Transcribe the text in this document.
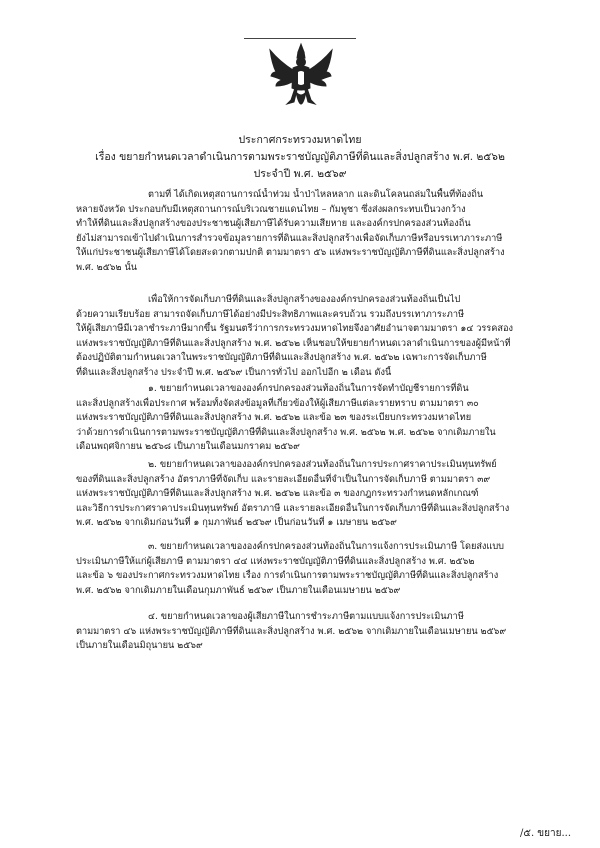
ประกาศกระทรวงมหาดไทย
เรื่อง ขยายกำหนดเวลาดำเนินการตามพระราชบัญญัติภาษีที่ดินและสิ่งปลูกสร้าง พ.ศ. ๒๕๖๒
ประจำปี พ.ศ. ๒๕๖๙
ตามที่ ได้เกิดเหตุสถานการณ์น้ำท่วม น้ำป่าไหลหลาก และดินโคลนถล่มในพื้นที่ท้องถิ่น
หลายจังหวัด ประกอบกับมีเหตุสถานการณ์บริเวณชายแดนไทย – กัมพูชา ซึ่งส่งผลกระทบเป็นวงกว้าง
ทำให้ที่ดินและสิ่งปลูกสร้างของประชาชนผู้เสียภาษีได้รับความเสียหาย และองค์กรปกครองส่วนท้องถิ่น
ยังไม่สามารถเข้าไปดำเนินการสำรวจข้อมูลรายการที่ดินและสิ่งปลูกสร้างเพื่อจัดเก็บภาษีหรือบรรเทาภาระภาษี
ให้แก่ประชาชนผู้เสียภาษีได้โดยสะดวกตามปกติ ตามมาตรา ๕๖ แห่งพระราชบัญญัติภาษีที่ดินและสิ่งปลูกสร้าง
พ.ศ. ๒๕๖๒ นั้น
เพื่อให้การจัดเก็บภาษีที่ดินและสิ่งปลูกสร้างขององค์กรปกครองส่วนท้องถิ่นเป็นไป
ด้วยความเรียบร้อย สามารถจัดเก็บภาษีได้อย่างมีประสิทธิภาพและครบถ้วน รวมถึงบรรเทาภาระภาษี
ให้ผู้เสียภาษีมีเวลาชำระภาษีมากขึ้น รัฐมนตรีว่าการกระทรวงมหาดไทยจึงอาศัยอำนาจตามมาตรา ๑๔ วรรคสอง
แห่งพระราชบัญญัติภาษีที่ดินและสิ่งปลูกสร้าง พ.ศ. ๒๕๖๒ เห็นชอบให้ขยายกำหนดเวลาดำเนินการของผู้มีหน้าที่
ต้องปฏิบัติตามกำหนดเวลาในพระราชบัญญัติภาษีที่ดินและสิ่งปลูกสร้าง พ.ศ. ๒๕๖๒ เฉพาะการจัดเก็บภาษี
ที่ดินและสิ่งปลูกสร้าง ประจำปี พ.ศ. ๒๕๖๙ เป็นการทั่วไป ออกไปอีก ๒ เดือน ดังนี้
๑. ขยายกำหนดเวลาขององค์กรปกครองส่วนท้องถิ่นในการจัดทำบัญชีรายการที่ดิน
และสิ่งปลูกสร้างเพื่อประกาศ พร้อมทั้งจัดส่งข้อมูลที่เกี่ยวข้องให้ผู้เสียภาษีแต่ละรายทราบ ตามมาตรา ๓๐
แห่งพระราชบัญญัติภาษีที่ดินและสิ่งปลูกสร้าง พ.ศ. ๒๕๖๒ และข้อ ๒๓ ของระเบียบกระทรวงมหาดไทย
ว่าด้วยการดำเนินการตามพระราชบัญญัติภาษีที่ดินและสิ่งปลูกสร้าง พ.ศ. ๒๕๖๒ พ.ศ. ๒๕๖๒ จากเดิมภายใน
เดือนพฤศจิกายน ๒๕๖๘ เป็นภายในเดือนมกราคม ๒๕๖๙
๒. ขยายกำหนดเวลาขององค์กรปกครองส่วนท้องถิ่นในการประกาศราคาประเมินทุนทรัพย์
ของที่ดินและสิ่งปลูกสร้าง อัตราภาษีที่จัดเก็บ และรายละเอียดอื่นที่จำเป็นในการจัดเก็บภาษี ตามมาตรา ๓๙
แห่งพระราชบัญญัติภาษีที่ดินและสิ่งปลูกสร้าง พ.ศ. ๒๕๖๒ และข้อ ๓ ของกฎกระทรวงกำหนดหลักเกณฑ์
และวิธีการประกาศราคาประเมินทุนทรัพย์ อัตราภาษี และรายละเอียดอื่นในการจัดเก็บภาษีที่ดินและสิ่งปลูกสร้าง
พ.ศ. ๒๕๖๒ จากเดิมก่อนวันที่ ๑ กุมภาพันธ์ ๒๕๖๙ เป็นก่อนวันที่ ๑ เมษายน ๒๕๖๙
๓. ขยายกำหนดเวลาขององค์กรปกครองส่วนท้องถิ่นในการแจ้งการประเมินภาษี โดยส่งแบบ
ประเมินภาษีให้แก่ผู้เสียภาษี ตามมาตรา ๔๔ แห่งพระราชบัญญัติภาษีที่ดินและสิ่งปลูกสร้าง พ.ศ. ๒๕๖๒
และข้อ ๖ ของประกาศกระทรวงมหาดไทย เรื่อง การดำเนินการตามพระราชบัญญัติภาษีที่ดินและสิ่งปลูกสร้าง
พ.ศ. ๒๕๖๒ จากเดิมภายในเดือนกุมภาพันธ์ ๒๕๖๙ เป็นภายในเดือนเมษายน ๒๕๖๙
๔. ขยายกำหนดเวลาของผู้เสียภาษีในการชำระภาษีตามแบบแจ้งการประเมินภาษี
ตามมาตรา ๔๖ แห่งพระราชบัญญัติภาษีที่ดินและสิ่งปลูกสร้าง พ.ศ. ๒๕๖๒ จากเดิมภายในเดือนเมษายน ๒๕๖๙
เป็นภายในเดือนมิถุนายน ๒๕๖๙
/๕. ขยาย...
